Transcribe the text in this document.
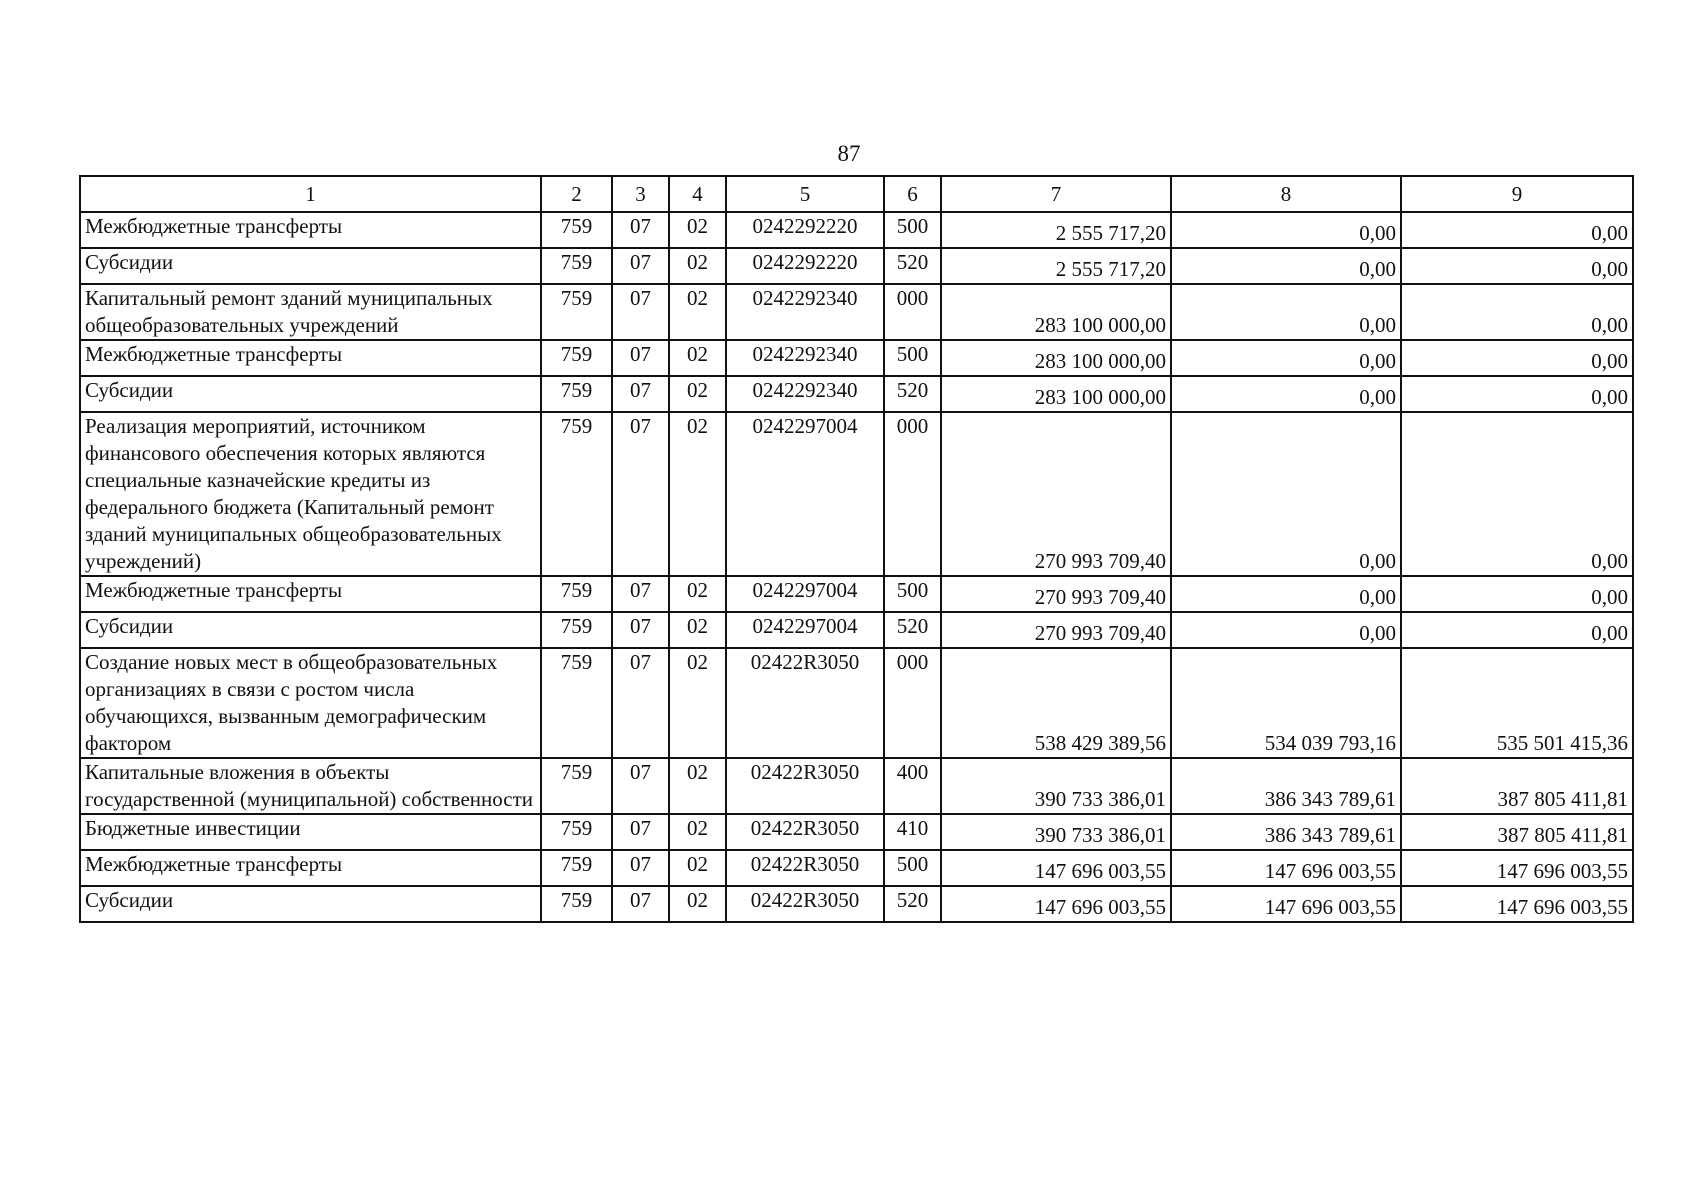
87
1	2	3	4	5	6	7	8	9
Межбюджетные трансферты	759	07	02	0242292220	500	2 555 717,20	0,00	0,00
Субсидии	759	07	02	0242292220	520	2 555 717,20	0,00	0,00
Капитальный ремонт зданий муниципальных общеобразовательных учреждений	759	07	02	0242292340	000	283 100 000,00	0,00	0,00
Межбюджетные трансферты	759	07	02	0242292340	500	283 100 000,00	0,00	0,00
Субсидии	759	07	02	0242292340	520	283 100 000,00	0,00	0,00
Реализация мероприятий, источником финансового обеспечения которых являются специальные казначейские кредиты из федерального бюджета (Капитальный ремонт зданий муниципальных общеобразовательных учреждений)	759	07	02	0242297004	000	270 993 709,40	0,00	0,00
Межбюджетные трансферты	759	07	02	0242297004	500	270 993 709,40	0,00	0,00
Субсидии	759	07	02	0242297004	520	270 993 709,40	0,00	0,00
Создание новых мест в общеобразовательных организациях в связи с ростом числа обучающихся, вызванным демографическим фактором	759	07	02	02422R3050	000	538 429 389,56	534 039 793,16	535 501 415,36
Капитальные вложения в объекты государственной (муниципальной) собственности	759	07	02	02422R3050	400	390 733 386,01	386 343 789,61	387 805 411,81
Бюджетные инвестиции	759	07	02	02422R3050	410	390 733 386,01	386 343 789,61	387 805 411,81
Межбюджетные трансферты	759	07	02	02422R3050	500	147 696 003,55	147 696 003,55	147 696 003,55
Субсидии	759	07	02	02422R3050	520	147 696 003,55	147 696 003,55	147 696 003,55
